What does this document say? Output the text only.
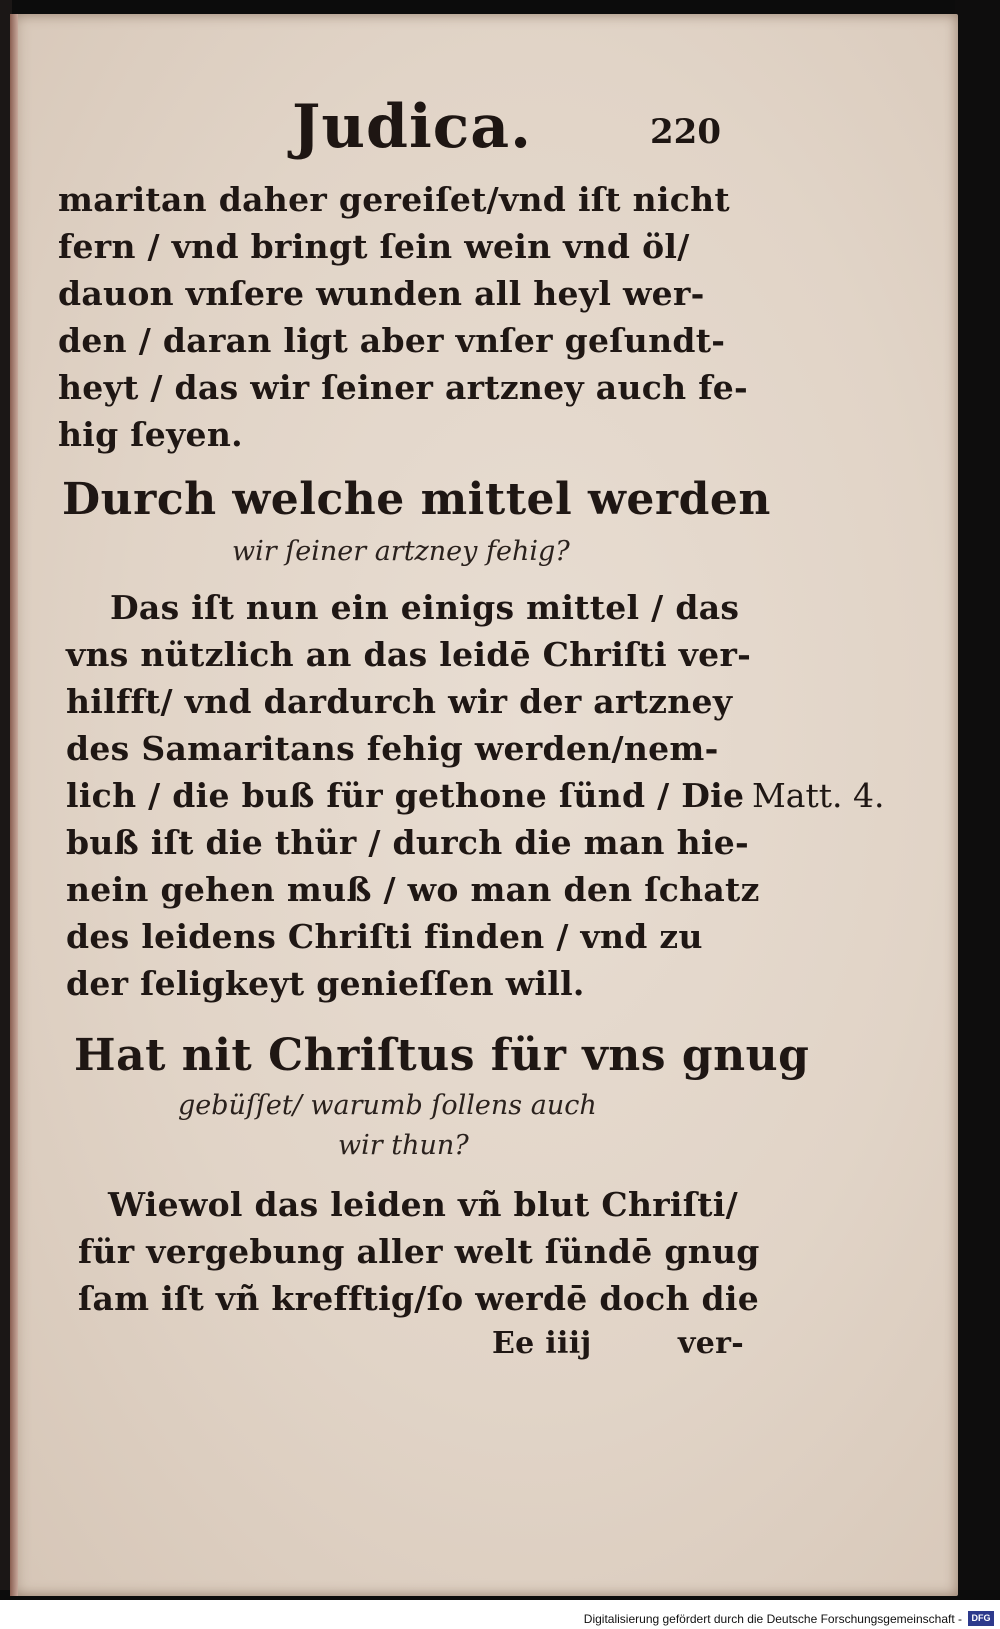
Judica.	220
maritan daher gereiſet/vnd iſt nicht
fern / vnd bringt ſein wein vnd öl/
dauon vnſere wunden all heyl wer-
den / daran ligt aber vnſer geſundt-
heyt / das wir ſeiner artzney auch fe-
hig ſeyen.
Durch welche mittel werden
wir ſeiner artzney fehig?
Das iſt nun ein einigs mittel / das
vns nützlich an das leidē Chriſti ver-
hilfft/ vnd dardurch wir der artzney
des Samaritans fehig werden/nem-
lich / die buß für gethone ſünd / Die
buß iſt die thür / durch die man hie-
nein gehen muß / wo man den ſchatz
des leidens Chriſti finden / vnd zu
der ſeligkeyt genieſſen will.
Matt. 4.
Hat nit Chriſtus für vns gnug
gebüſſet/ warumb ſollens auch
wir thun?
Wiewol das leiden vñ blut Chriſti/
für vergebung aller welt ſündē gnug
ſam iſt vñ krefftig/ſo werdē doch die
Ee iiij	ver-
Digitalisierung gefördert durch die Deutsche Forschungsgemeinschaft -	DFG
